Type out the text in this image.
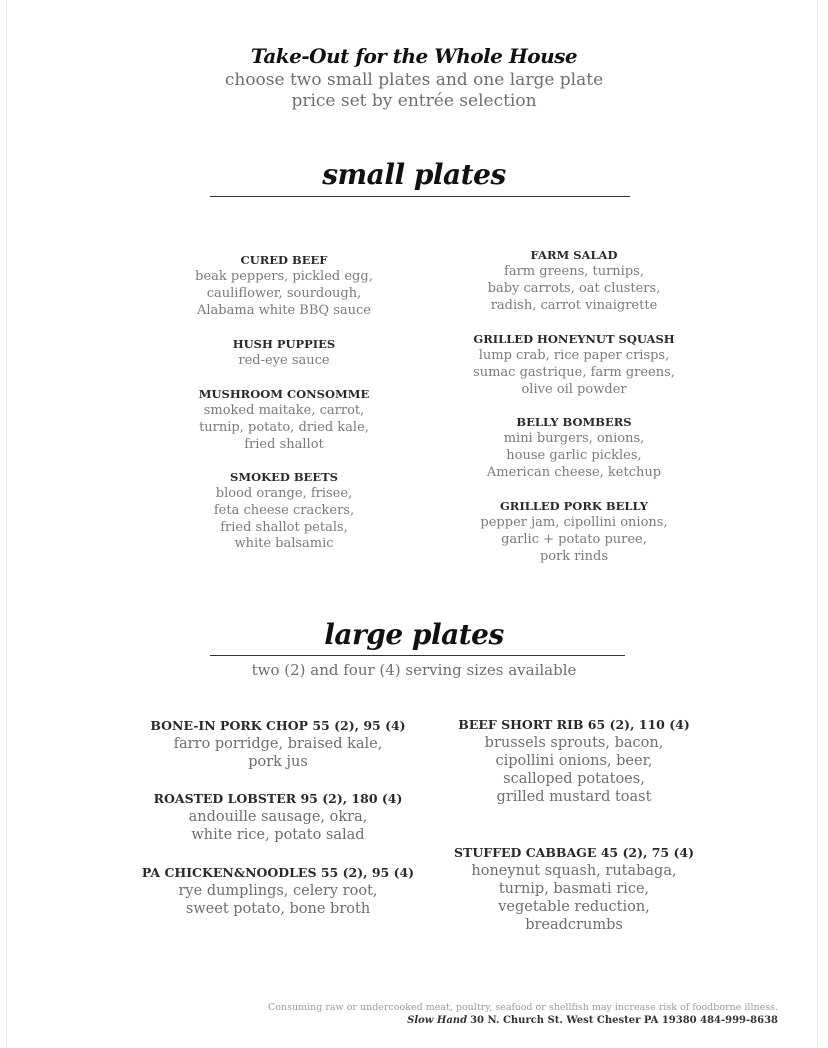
Take-Out for the Whole House
choose two small plates and one large plate
price set by entrée selection
small plates
CURED BEEF
beak peppers, pickled egg,
cauliflower, sourdough,
Alabama white BBQ sauce
HUSH PUPPIES
red-eye sauce
MUSHROOM CONSOMME
smoked maitake, carrot,
turnip, potato, dried kale,
fried shallot
SMOKED BEETS
blood orange, frisee,
feta cheese crackers,
fried shallot petals,
white balsamic
FARM SALAD
farm greens, turnips,
baby carrots, oat clusters,
radish, carrot vinaigrette
GRILLED HONEYNUT SQUASH
lump crab, rice paper crisps,
sumac gastrique, farm greens,
olive oil powder
BELLY BOMBERS
mini burgers, onions,
house garlic pickles,
American cheese, ketchup
GRILLED PORK BELLY
pepper jam, cipollini onions,
garlic + potato puree,
pork rinds
large plates
two (2) and four (4) serving sizes available
BONE-IN PORK CHOP 55 (2), 95 (4)
farro porridge, braised kale,
pork jus
ROASTED LOBSTER 95 (2), 180 (4)
andouille sausage, okra,
white rice, potato salad
PA CHICKEN&NOODLES 55 (2), 95 (4)
rye dumplings, celery root,
sweet potato, bone broth
BEEF SHORT RIB 65 (2), 110 (4)
brussels sprouts, bacon,
cipollini onions, beer,
scalloped potatoes,
grilled mustard toast
STUFFED CABBAGE 45 (2), 75 (4)
honeynut squash, rutabaga,
turnip, basmati rice,
vegetable reduction,
breadcrumbs
Consuming raw or undercooked meat, poultry, seafood or shellfish may increase risk of foodborne illness.
Slow Hand 30 N. Church St. West Chester PA 19380 484-999-8638
